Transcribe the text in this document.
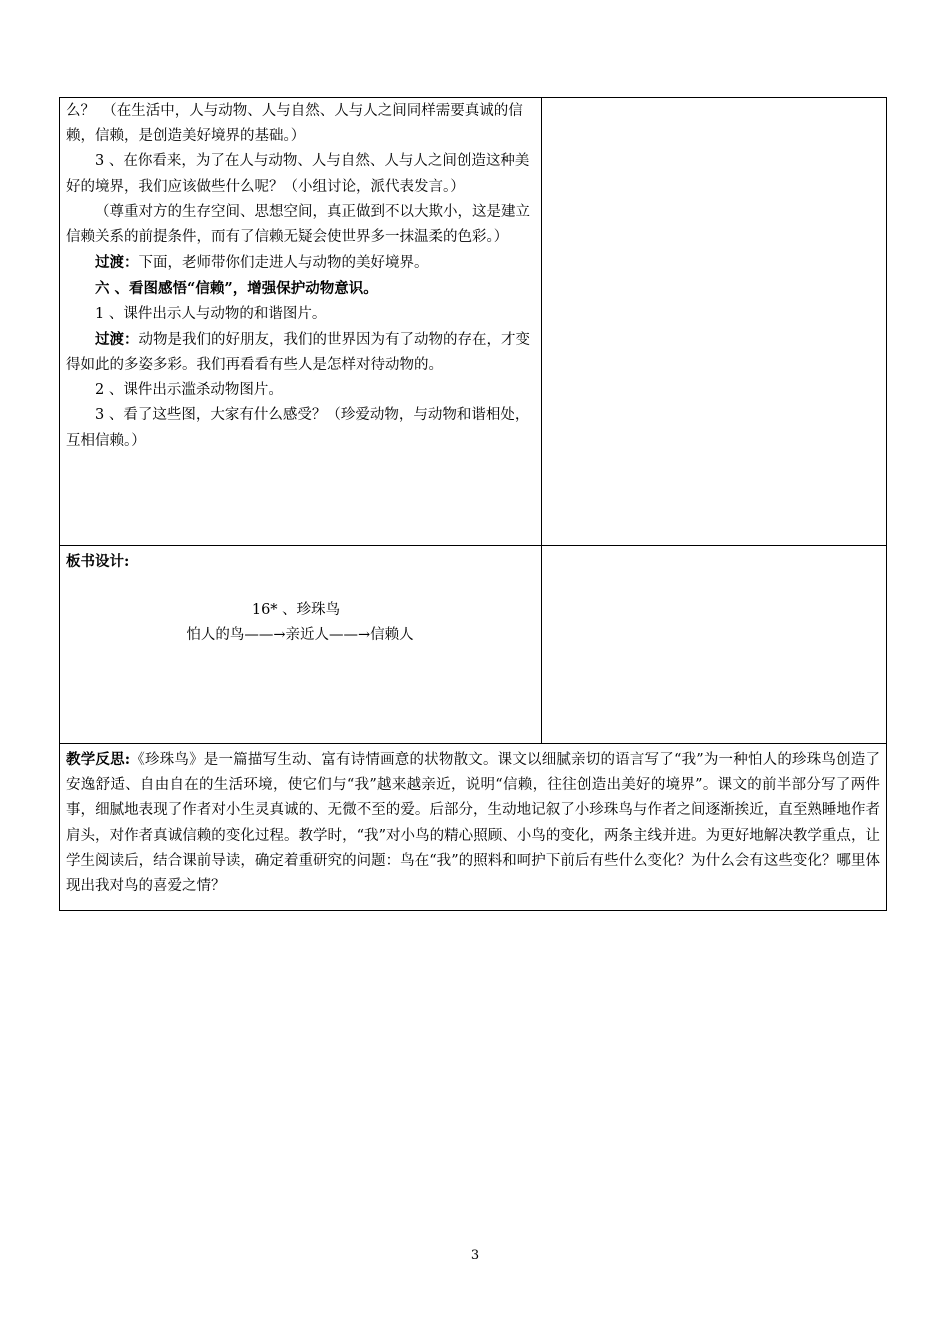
么？　（在生活中，人与动物、人与自然、人与人之间同样需要真诚的信赖，信赖，是创造美好境界的基础。）

3 、在你看来，为了在人与动物、人与自然、人与人之间创造这种美好的境界，我们应该做些什么呢？（小组讨论，派代表发言。）

（尊重对方的生存空间、思想空间，真正做到不以大欺小，这是建立信赖关系的前提条件，而有了信赖无疑会使世界多一抹温柔的色彩。）

过渡：下面，老师带你们走进人与动物的美好境界。

六 、看图感悟“信赖”，增强保护动物意识。

1 、课件出示人与动物的和谐图片。

过渡：动物是我们的好朋友，我们的世界因为有了动物的存在，才变得如此的多姿多彩。我们再看看有些人是怎样对待动物的。

2 、课件出示滥杀动物图片。

3 、看了这些图，大家有什么感受？（珍爱动物，与动物和谐相处，互相信赖。）

板书设计:

16* 、珍珠鸟

怕人的鸟——→亲近人——→信赖人

教学反思:《珍珠鸟》是一篇描写生动、富有诗情画意的状物散文。课文以细腻亲切的语言写了“我”为一种怕人的珍珠鸟创造了安逸舒适、自由自在的生活环境，使它们与“我”越来越亲近，说明“信赖，往往创造出美好的境界”。课文的前半部分写了两件事，细腻地表现了作者对小生灵真诚的、无微不至的爱。后部分，生动地记叙了小珍珠鸟与作者之间逐渐挨近，直至熟睡地作者肩头，对作者真诚信赖的变化过程。教学时，“我”对小鸟的精心照顾、小鸟的变化，两条主线并进。为更好地解决教学重点，让学生阅读后，结合课前导读，确定着重研究的问题：鸟在“我”的照料和呵护下前后有些什么变化？为什么会有这些变化？哪里体现出我对鸟的喜爱之情？
3
